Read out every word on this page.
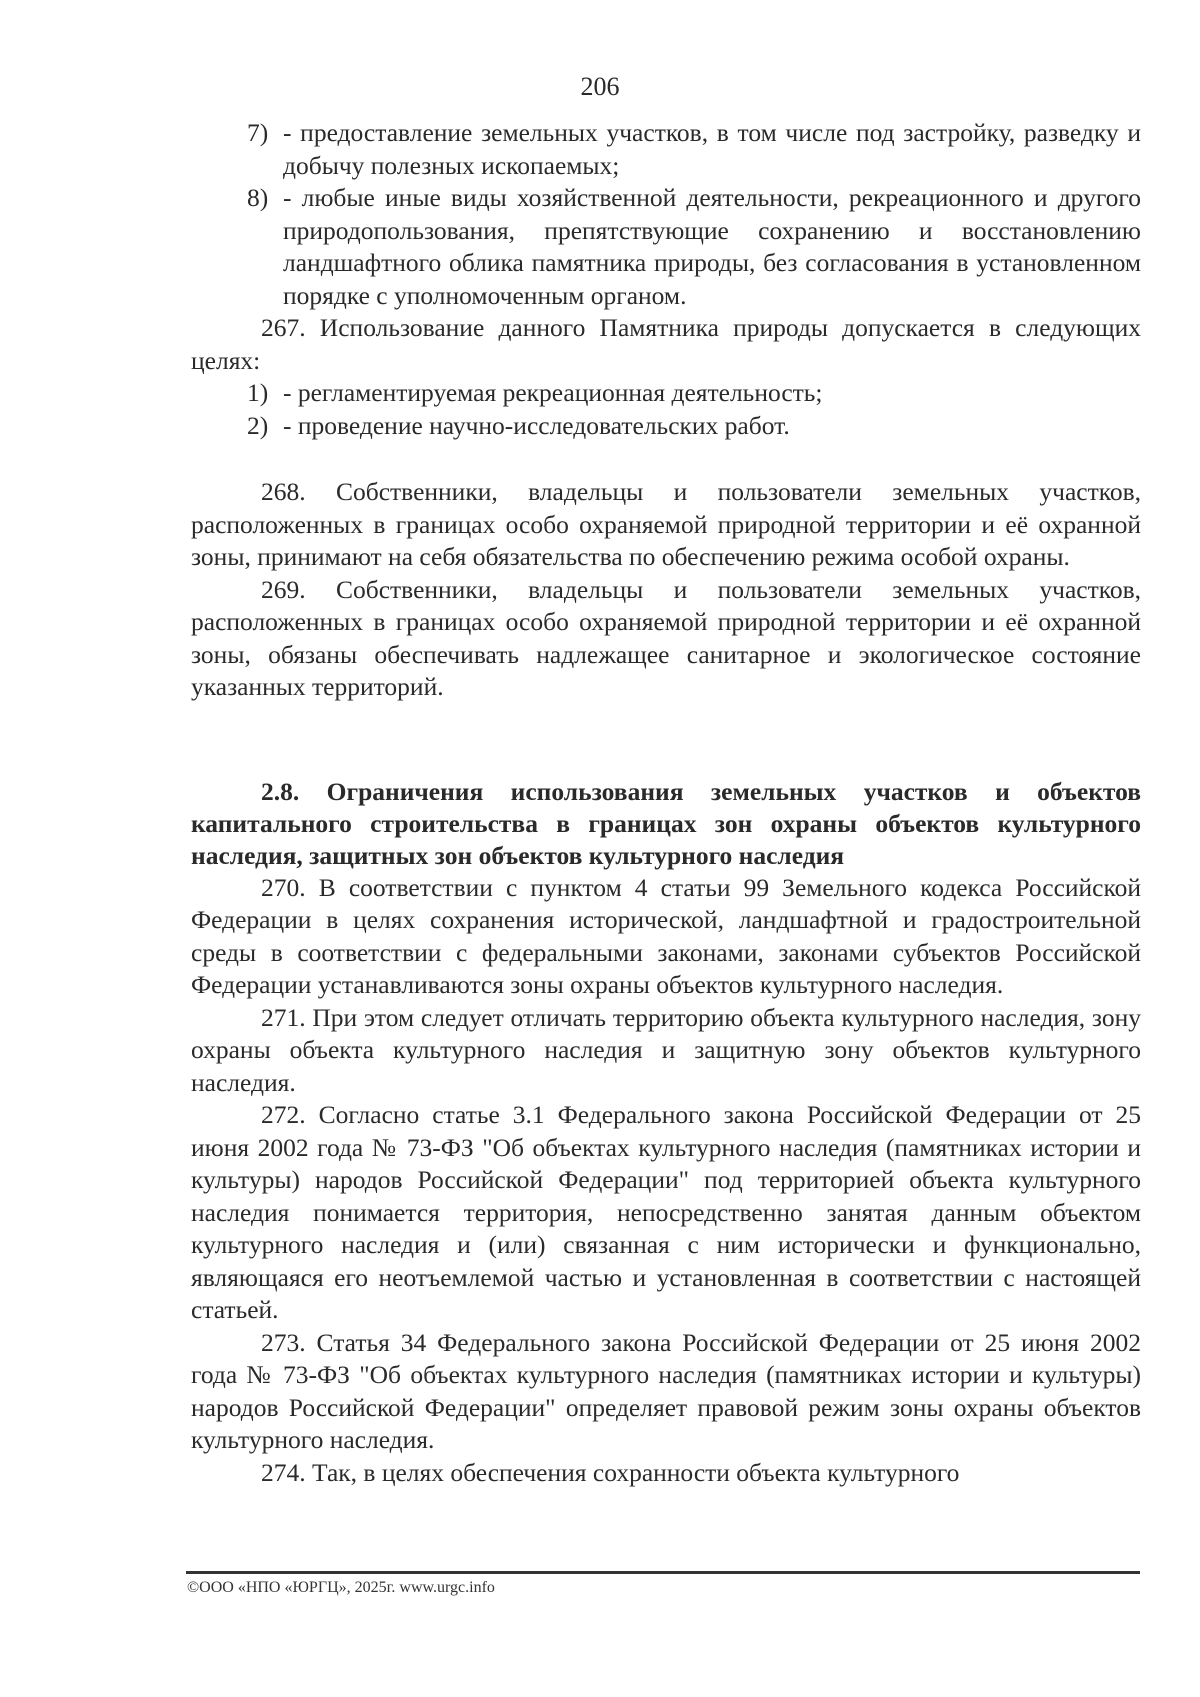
206
7) - предоставление земельных участков, в том числе под застройку, разведку и добычу полезных ископаемых;
8) - любые иные виды хозяйственной деятельности, рекреационного и другого природопользования, препятствующие сохранению и восстановлению ландшафтного облика памятника природы, без согласования в установленном порядке с уполномоченным органом.

267. Использование данного Памятника природы допускается в следующих целях:

1) - регламентируемая рекреационная деятельность;
2) - проведение научно-исследовательских работ.

268. Собственники, владельцы и пользователи земельных участков, расположенных в границах особо охраняемой природной территории и её охранной зоны, принимают на себя обязательства по обеспечению режима особой охраны.

269. Собственники, владельцы и пользователи земельных участков, расположенных в границах особо охраняемой природной территории и её охранной зоны, обязаны обеспечивать надлежащее санитарное и экологическое состояние указанных территорий.

2.8. Ограничения использования земельных участков и объектов капитального строительства в границах зон охраны объектов культурного наследия, защитных зон объектов культурного наследия

270. В соответствии с пунктом 4 статьи 99 Земельного кодекса Российской Федерации в целях сохранения исторической, ландшафтной и градостроительной среды в соответствии с федеральными законами, законами субъектов Российской Федерации устанавливаются зоны охраны объектов культурного наследия.

271. При этом следует отличать территорию объекта культурного наследия, зону охраны объекта культурного наследия и защитную зону объектов культурного наследия.

272. Согласно статье 3.1 Федерального закона Российской Федерации от 25 июня 2002 года № 73-ФЗ "Об объектах культурного наследия (памятниках истории и культуры) народов Российской Федерации" под территорией объекта культурного наследия понимается территория, непосредственно занятая данным объектом культурного наследия и (или) связанная с ним исторически и функционально, являющаяся его неотъемлемой частью и установленная в соответствии с настоящей статьей.

273. Статья 34 Федерального закона Российской Федерации от 25 июня 2002 года № 73-ФЗ "Об объектах культурного наследия (памятниках истории и культуры) народов Российской Федерации" определяет правовой режим зоны охраны объектов культурного наследия.

274. Так, в целях обеспечения сохранности объекта культурного

©ООО «НПО «ЮРГЦ», 2025г. www.urgc.info
